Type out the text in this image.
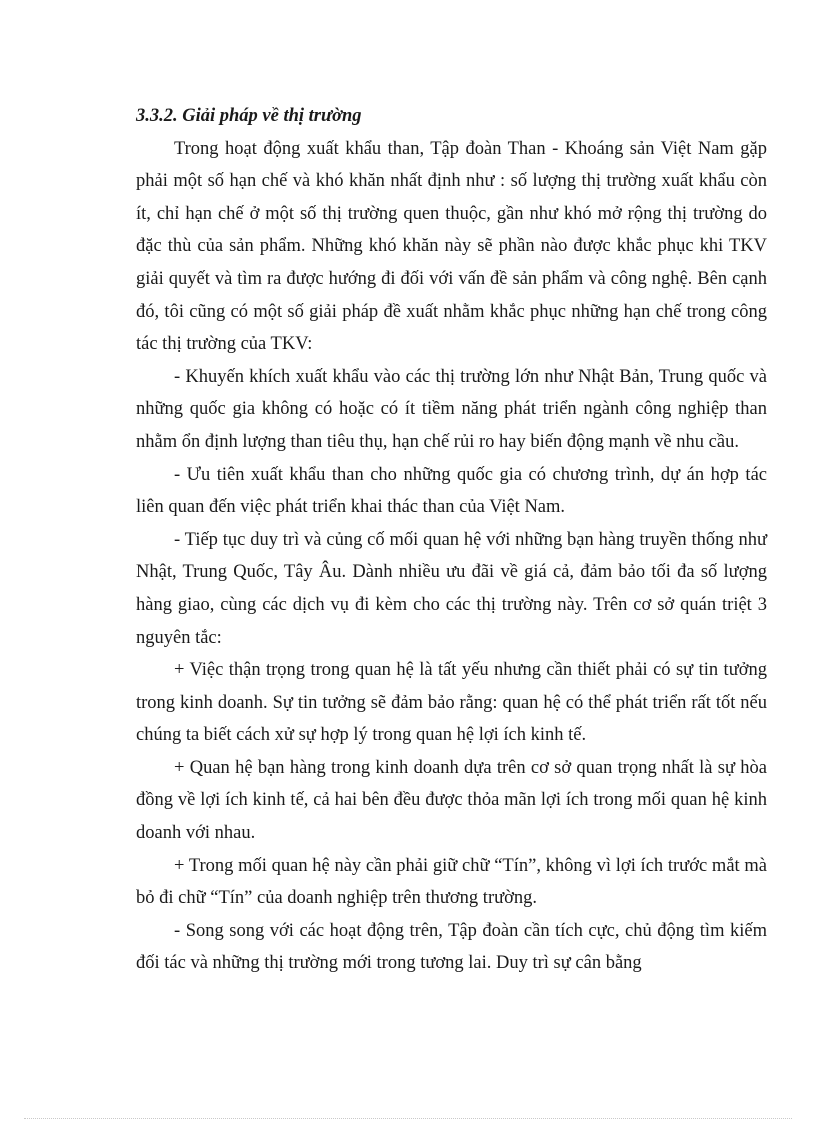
3.3.2. Giải pháp về thị trường

Trong hoạt động xuất khẩu than, Tập đoàn Than - Khoáng sản Việt Nam gặp phải một số hạn chế và khó khăn nhất định như : số lượng thị trường xuất khẩu còn ít, chỉ hạn chế ở một số thị trường quen thuộc, gần như khó mở rộng thị trường do đặc thù của sản phẩm. Những khó khăn này sẽ phần nào được khắc phục khi TKV giải quyết và tìm ra được hướng đi đối với vấn đề sản phẩm và công nghệ. Bên cạnh đó, tôi cũng có một số giải pháp đề xuất nhằm khắc phục những hạn chế trong công tác thị trường của TKV:

- Khuyến khích xuất khẩu vào các thị trường lớn như Nhật Bản, Trung quốc và những quốc gia không có hoặc có ít tiềm năng phát triển ngành công nghiệp than nhằm ổn định lượng than tiêu thụ, hạn chế rủi ro hay biến động mạnh về nhu cầu.

- Ưu tiên xuất khẩu than cho những quốc gia có chương trình, dự án hợp tác liên quan đến việc phát triển khai thác than của Việt Nam.

- Tiếp tục duy trì và củng cố mối quan hệ với những bạn hàng truyền thống như Nhật, Trung Quốc, Tây Âu. Dành nhiều ưu đãi về giá cả, đảm bảo tối đa số lượng hàng giao, cùng các dịch vụ đi kèm cho các thị trường này. Trên cơ sở quán triệt 3 nguyên tắc:

+ Việc thận trọng trong quan hệ là tất yếu nhưng cần thiết phải có sự tin tưởng trong kinh doanh. Sự tin tưởng sẽ đảm bảo rằng: quan hệ có thể phát triển rất tốt nếu chúng ta biết cách xử sự hợp lý trong quan hệ lợi ích kinh tế.

+ Quan hệ bạn hàng trong kinh doanh dựa trên cơ sở quan trọng nhất là sự hòa đồng về lợi ích kinh tế, cả hai bên đều được thỏa mãn lợi ích trong mối quan hệ kinh doanh với nhau.

+ Trong mối quan hệ này cần phải giữ chữ “Tín”, không vì lợi ích trước mắt mà bỏ đi chữ “Tín” của doanh nghiệp trên thương trường.

- Song song với các hoạt động trên, Tập đoàn cần tích cực, chủ động tìm kiếm đối tác và những thị trường mới trong tương lai. Duy trì sự cân bằng
